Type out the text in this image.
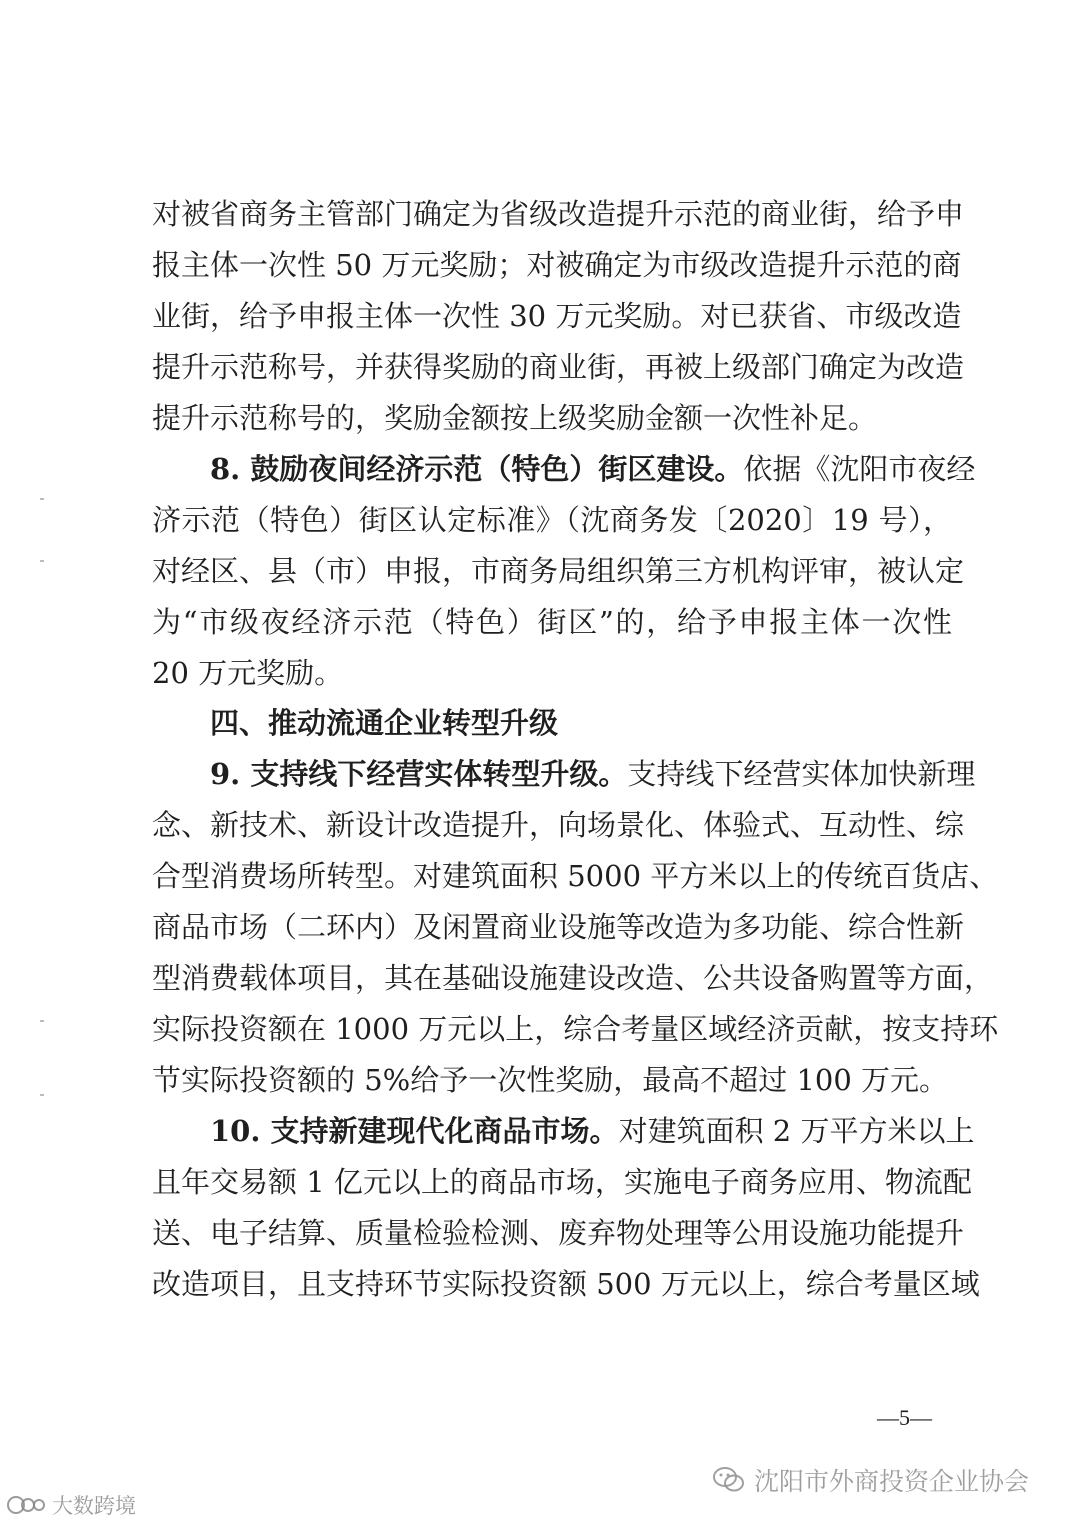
对被省商务主管部门确定为省级改造提升示范的商业街，给予申
报主体一次性 50 万元奖励；对被确定为市级改造提升示范的商
业街，给予申报主体一次性 30 万元奖励。对已获省、市级改造
提升示范称号，并获得奖励的商业街，再被上级部门确定为改造
提升示范称号的，奖励金额按上级奖励金额一次性补足。
8. 鼓励夜间经济示范（特色）街区建设。依据《沈阳市夜经
济示范（特色）街区认定标准》（沈商务发〔2020〕19 号），
对经区、县（市）申报，市商务局组织第三方机构评审，被认定
为“市级夜经济示范（特色）街区”的，给予申报主体一次性
20 万元奖励。
四、推动流通企业转型升级
9. 支持线下经营实体转型升级。支持线下经营实体加快新理
念、新技术、新设计改造提升，向场景化、体验式、互动性、综
合型消费场所转型。对建筑面积 5000 平方米以上的传统百货店、
商品市场（二环内）及闲置商业设施等改造为多功能、综合性新
型消费载体项目，其在基础设施建设改造、公共设备购置等方面，
实际投资额在 1000 万元以上，综合考量区域经济贡献，按支持环
节实际投资额的 5%给予一次性奖励，最高不超过 100 万元。
10. 支持新建现代化商品市场。对建筑面积 2 万平方米以上
且年交易额 1 亿元以上的商品市场，实施电子商务应用、物流配
送、电子结算、质量检验检测、废弃物处理等公用设施功能提升
改造项目，且支持环节实际投资额 500 万元以上，综合考量区域
—5—
沈阳市外商投资企业协会
大数跨境
